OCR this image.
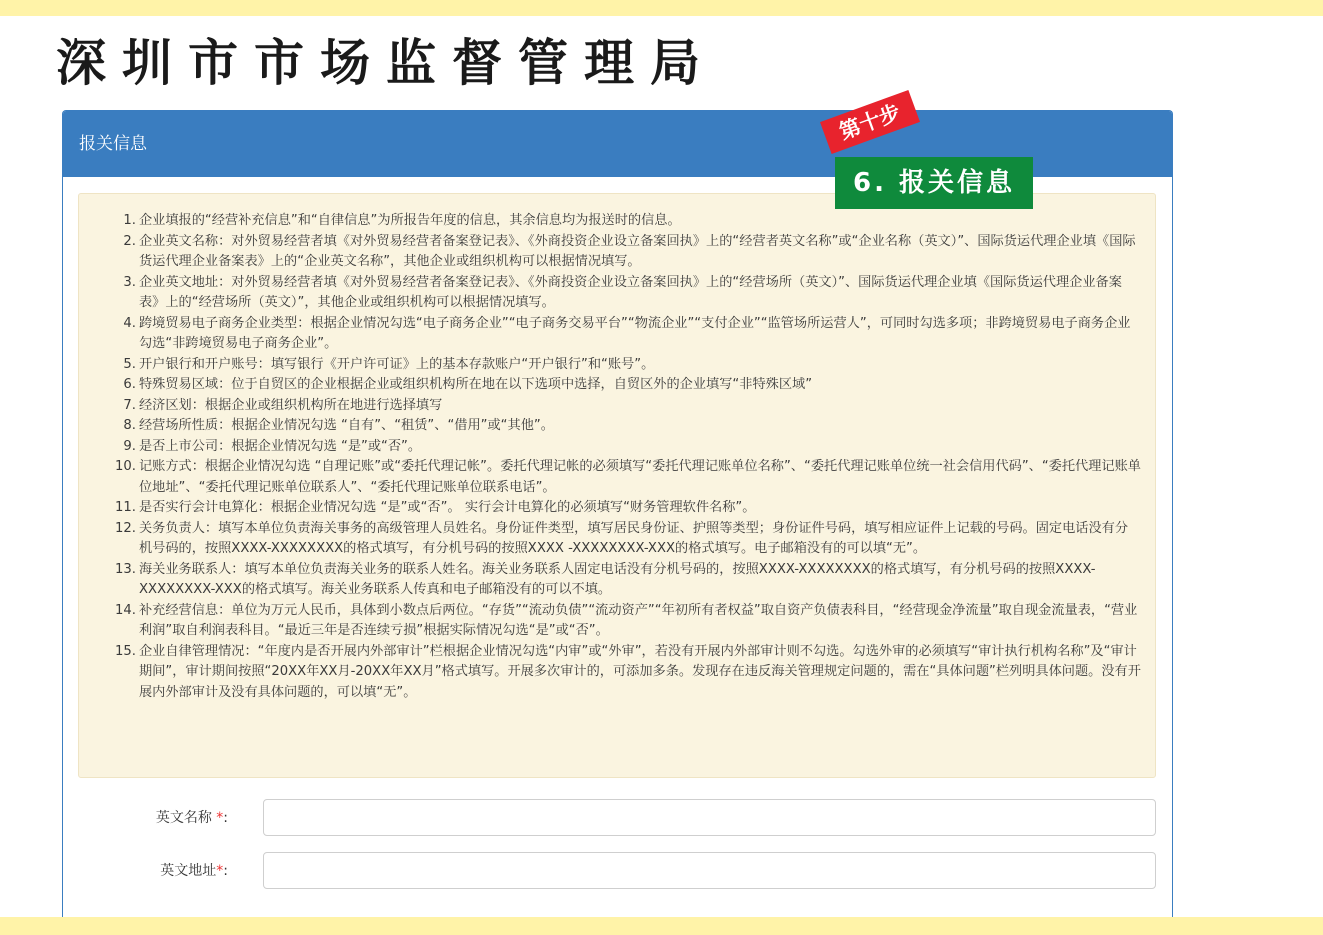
深圳市市场监督管理局
报关信息	第十步
6. 报关信息
1. 企业填报的“经营补充信息”和“自律信息”为所报告年度的信息，其余信息均为报送时的信息。
2. 企业英文名称：对外贸易经营者填《对外贸易经营者备案登记表》、《外商投资企业设立备案回执》上的“经营者英文名称”或“企业名称（英文）”、国际货运代理企业填《国际货运代理企业备案表》上的“企业英文名称”，其他企业或组织机构可以根据情况填写。
3. 企业英文地址：对外贸易经营者填《对外贸易经营者备案登记表》、《外商投资企业设立备案回执》上的“经营场所（英文）”、国际货运代理企业填《国际货运代理企业备案表》上的“经营场所（英文）”，其他企业或组织机构可以根据情况填写。
4. 跨境贸易电子商务企业类型：根据企业情况勾选“电子商务企业”“电子商务交易平台”“物流企业”“支付企业”“监管场所运营人”，可同时勾选多项；非跨境贸易电子商务企业勾选“非跨境贸易电子商务企业”。
5. 开户银行和开户账号：填写银行《开户许可证》上的基本存款账户“开户银行”和“账号”。
6. 特殊贸易区域：位于自贸区的企业根据企业或组织机构所在地在以下选项中选择，自贸区外的企业填写“非特殊区域”
7. 经济区划：根据企业或组织机构所在地进行选择填写
8. 经营场所性质：根据企业情况勾选 “自有”、“租赁”、“借用”或“其他”。
9. 是否上市公司：根据企业情况勾选 “是”或“否”。
10. 记账方式：根据企业情况勾选 “自理记账”或“委托代理记帐”。委托代理记帐的必须填写“委托代理记账单位名称”、“委托代理记账单位统一社会信用代码”、“委托代理记账单位地址”、“委托代理记账单位联系人”、“委托代理记账单位联系电话”。
11. 是否实行会计电算化：根据企业情况勾选 “是”或“否”。 实行会计电算化的必须填写“财务管理软件名称”。
12. 关务负责人：填写本单位负责海关事务的高级管理人员姓名。身份证件类型，填写居民身份证、护照等类型；身份证件号码，填写相应证件上记载的号码。固定电话没有分机号码的，按照XXXX-XXXXXXXX的格式填写，有分机号码的按照XXXX -XXXXXXXX-XXX的格式填写。电子邮箱没有的可以填“无”。
13. 海关业务联系人：填写本单位负责海关业务的联系人姓名。海关业务联系人固定电话没有分机号码的，按照XXXX-XXXXXXXX的格式填写，有分机号码的按照XXXX-XXXXXXXX-XXX的格式填写。海关业务联系人传真和电子邮箱没有的可以不填。
14. 补充经营信息：单位为万元人民币，具体到小数点后两位。“存货”“流动负债”“流动资产”“年初所有者权益”取自资产负债表科目，“经营现金净流量”取自现金流量表，“营业利润”取自利润表科目。“最近三年是否连续亏损”根据实际情况勾选“是”或“否”。
15. 企业自律管理情况：“年度内是否开展内外部审计”栏根据企业情况勾选“内审”或“外审”，若没有开展内外部审计则不勾选。勾选外审的必须填写“审计执行机构名称”及“审计期间”，审计期间按照“20XX年XX月-20XX年XX月”格式填写。开展多次审计的，可添加多条。发现存在违反海关管理规定问题的，需在“具体问题”栏列明具体问题。没有开展内外部审计及没有具体问题的，可以填“无”。
英文名称 *:
英文地址*:
